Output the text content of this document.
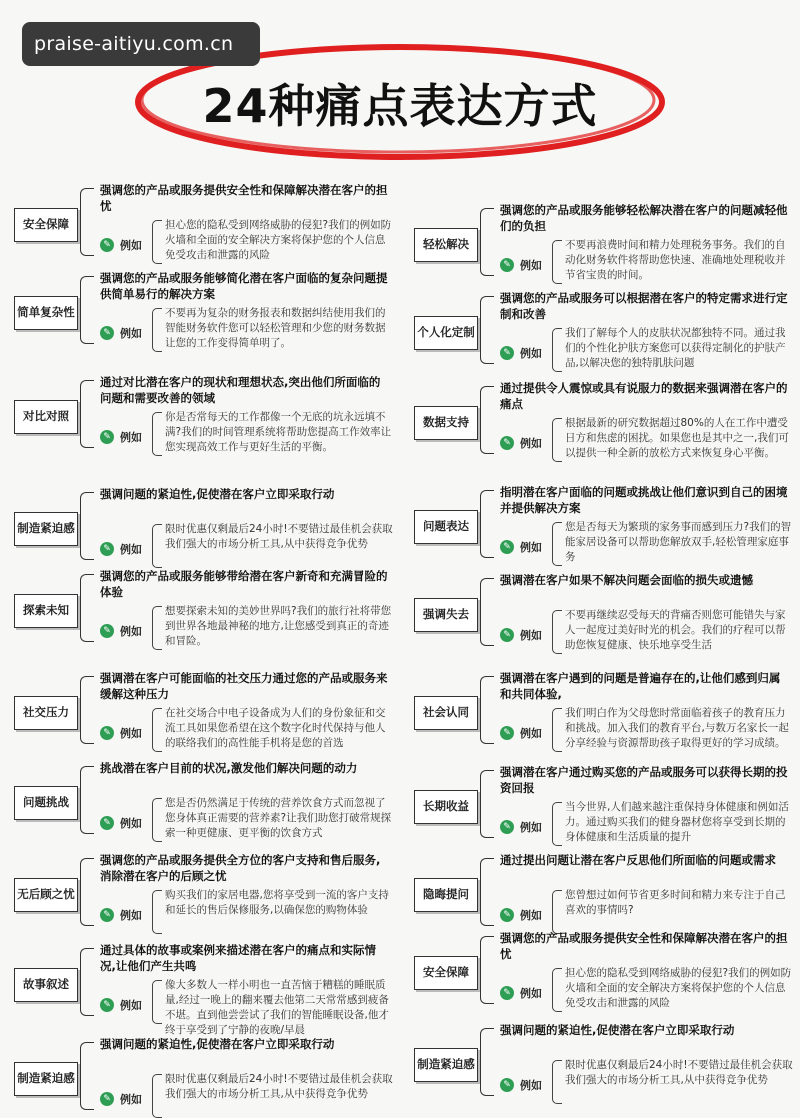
24种痛点表达方式
praise-aitiyu.com.cn
安全保障
强调您的产品或服务提供安全性和保障解决潜在客户的担忧
✎ 例如
担心您的隐私受到网络威胁的侵犯?我们的例如防火墙和全面的安全解决方案将保护您的个人信息免受攻击和泄露的风险
简单复杂性
强调您的产品或服务能够简化潜在客户面临的复杂问题提供简单易行的解决方案
✎ 例如
不要再为复杂的财务报表和数据纠结使用我们的智能财务软件您可以轻松管理和少您的财务数据让您的工作变得简单明了。
对比对照
通过对比潜在客户的现状和理想状态,突出他们所面临的问题和需要改善的领域
✎ 例如
你是否常每天的工作都像一个无底的坑永远填不满?我们的时间管理系统将帮助您提高工作效率让您实现高效工作与更好生活的平衡。
制造紧迫感
强调问题的紧迫性,促使潜在客户立即采取行动
✎ 例如
限时优惠仅剩最后24小时!不要错过最佳机会获取我们强大的市场分析工具,从中获得竞争优势
探索未知
强调您的产品或服务能够带给潜在客户新奇和充满冒险的体验
✎ 例如
想要探索未知的美妙世界吗?我们的旅行社将带您到世界各地最神秘的地方,让您感受到真正的奇迹和冒险。
社交压力
强调潜在客户可能面临的社交压力通过您的产品或服务来缓解这种压力
✎ 例如
在社交场合中电子设备成为人们的身份象征和交流工具如果您希望在这个数字化时代保持与他人的联络我们的高性能手机将是您的首选
问题挑战
挑战潜在客户目前的状况,激发他们解决问题的动力
✎ 例如
您是否仍然满足于传统的营养饮食方式而忽视了您身体真正需要的营养素?让我们助您打破常规探索一种更健康、更平衡的饮食方式
无后顾之忧
强调您的产品或服务提供全方位的客户支持和售后服务,消除潜在客户的后顾之忧
✎ 例如
购买我们的家居电器,您将享受到一流的客户支持和延长的售后保修服务,以确保您的购物体验
故事叙述
通过具体的故事或案例来描述潜在客户的痛点和实际情况,让他们产生共鸣
✎ 例如
像大多数人一样小明也一直苦恼于糟糕的睡眠质量,经过一晚上的翻来覆去他第二天常常感到疲备不堪。直到他尝尝试了我们的智能睡眠设备,他才终于享受到了宁静的夜晚/早晨
制造紧迫感
强调问题的紧迫性,促使潜在客户立即采取行动
✎ 例如
限时优惠仅剩最后24小时!不要错过最佳机会获取我们强大的市场分析工具,从中获得竞争优势
轻松解决
强调您的产品或服务能够轻松解决潜在客户的问题减轻他们的负担
✎ 例如
不要再浪费时间和精力处理税务事务。我们的自动化财务软件将帮助您快速、准确地处理税收并节省宝贵的时间。
个人化定制
强调您的产品或服务可以根据潜在客户的特定需求进行定制和改善
✎ 例如
我们了解每个人的皮肤状况都独特不同。通过我们的个性化护肤方案您可以获得定制化的护肤产品,以解决您的独特肌肤问题
数据支持
通过提供令人震惊或具有说服力的数据来强调潜在客户的痛点
✎ 例如
根据最新的研究数据超过80%的人在工作中遭受日方和焦虑的困扰。如果您也是其中之一,我们可以提供一种全新的放松方式来恢复身心平衡。
问题表达
指明潜在客户面临的问题或挑战让他们意识到自己的困境并提供解决方案
✎ 例如
您是否每天为繁琐的家务事而感到压力?我们的智能家居设备可以帮助您解放双手,轻松管理家庭事务
强调失去
强调潜在客户如果不解决问题会面临的损失或遗憾
✎ 例如
不要再继续忍受每天的背痛否则您可能错失与家人一起度过美好时光的机会。我们的疗程可以帮助您恢复健康、快乐地享受生活
社会认同
强调潜在客户遇到的问题是普遍存在的,让他们感到归属和共同体验,
✎ 例如
我们明白作为父母您时常面临着孩子的教育压力和挑战。加入我们的教育平台,与数万名家长一起分享经验与资源帮助孩子取得更好的学习成绩。
长期收益
强调潜在客户通过购买您的产品或服务可以获得长期的投资回报
✎ 例如
当今世界,人们越来越注重保持身体健康和例如活力。通过购买我们的健身器材您将享受到长期的身体健康和生活质量的提升
隐晦提问
通过提出问题让潜在客户反思他们所面临的问题或需求
✎ 例如
您曾想过如何节省更多时间和精力来专注于自己喜欢的事情吗?
安全保障
强调您的产品或服务提供安全性和保障解决潜在客户的担忧
✎ 例如
担心您的隐私受到网络威胁的侵犯?我们的例如防火墙和全面的安全解决方案将保护您的个人信息免受攻击和泄露的风险
制造紧迫感
强调问题的紧迫性,促使潜在客户立即采取行动
✎ 例如
限时优惠仅剩最后24小时!不要错过最佳机会获取我们强大的市场分析工具,从中获得竞争优势
